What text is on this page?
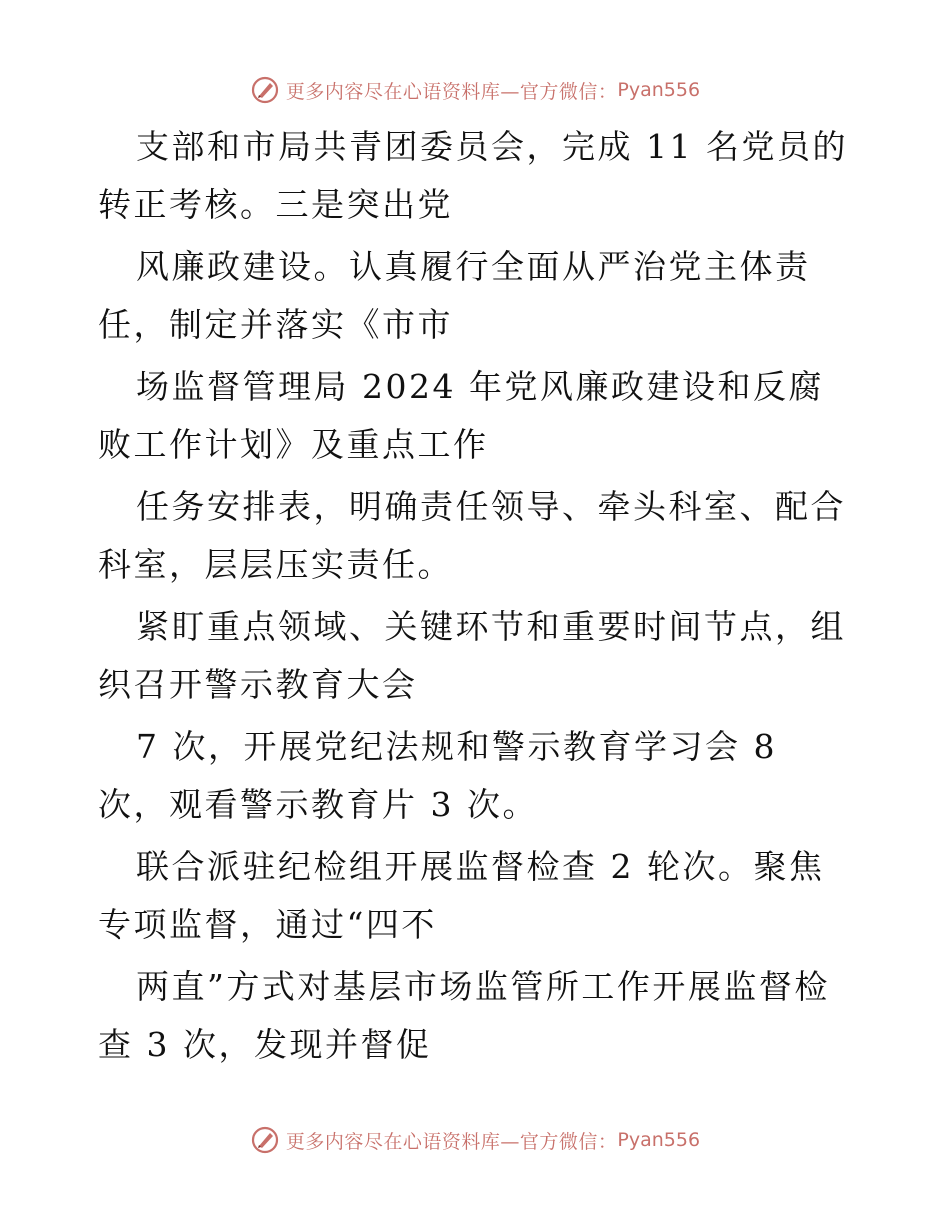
更多内容尽在心语资料库—官方微信： Pyan556

支部和市局共青团委员会，完成 11 名党员的转正考核。三是突出党

风廉政建设。认真履行全面从严治党主体责任，制定并落实《市市

场监督管理局 2024 年党风廉政建设和反腐败工作计划》及重点工作

任务安排表，明确责任领导、牵头科室、配合科室，层层压实责任。

紧盯重点领域、关键环节和重要时间节点，组织召开警示教育大会

7 次，开展党纪法规和警示教育学习会 8 次，观看警示教育片 3 次。

联合派驻纪检组开展监督检查 2 轮次。聚焦专项监督，通过“四不

两直”方式对基层市场监管所工作开展监督检查 3 次，发现并督促

更多内容尽在心语资料库—官方微信： Pyan556
